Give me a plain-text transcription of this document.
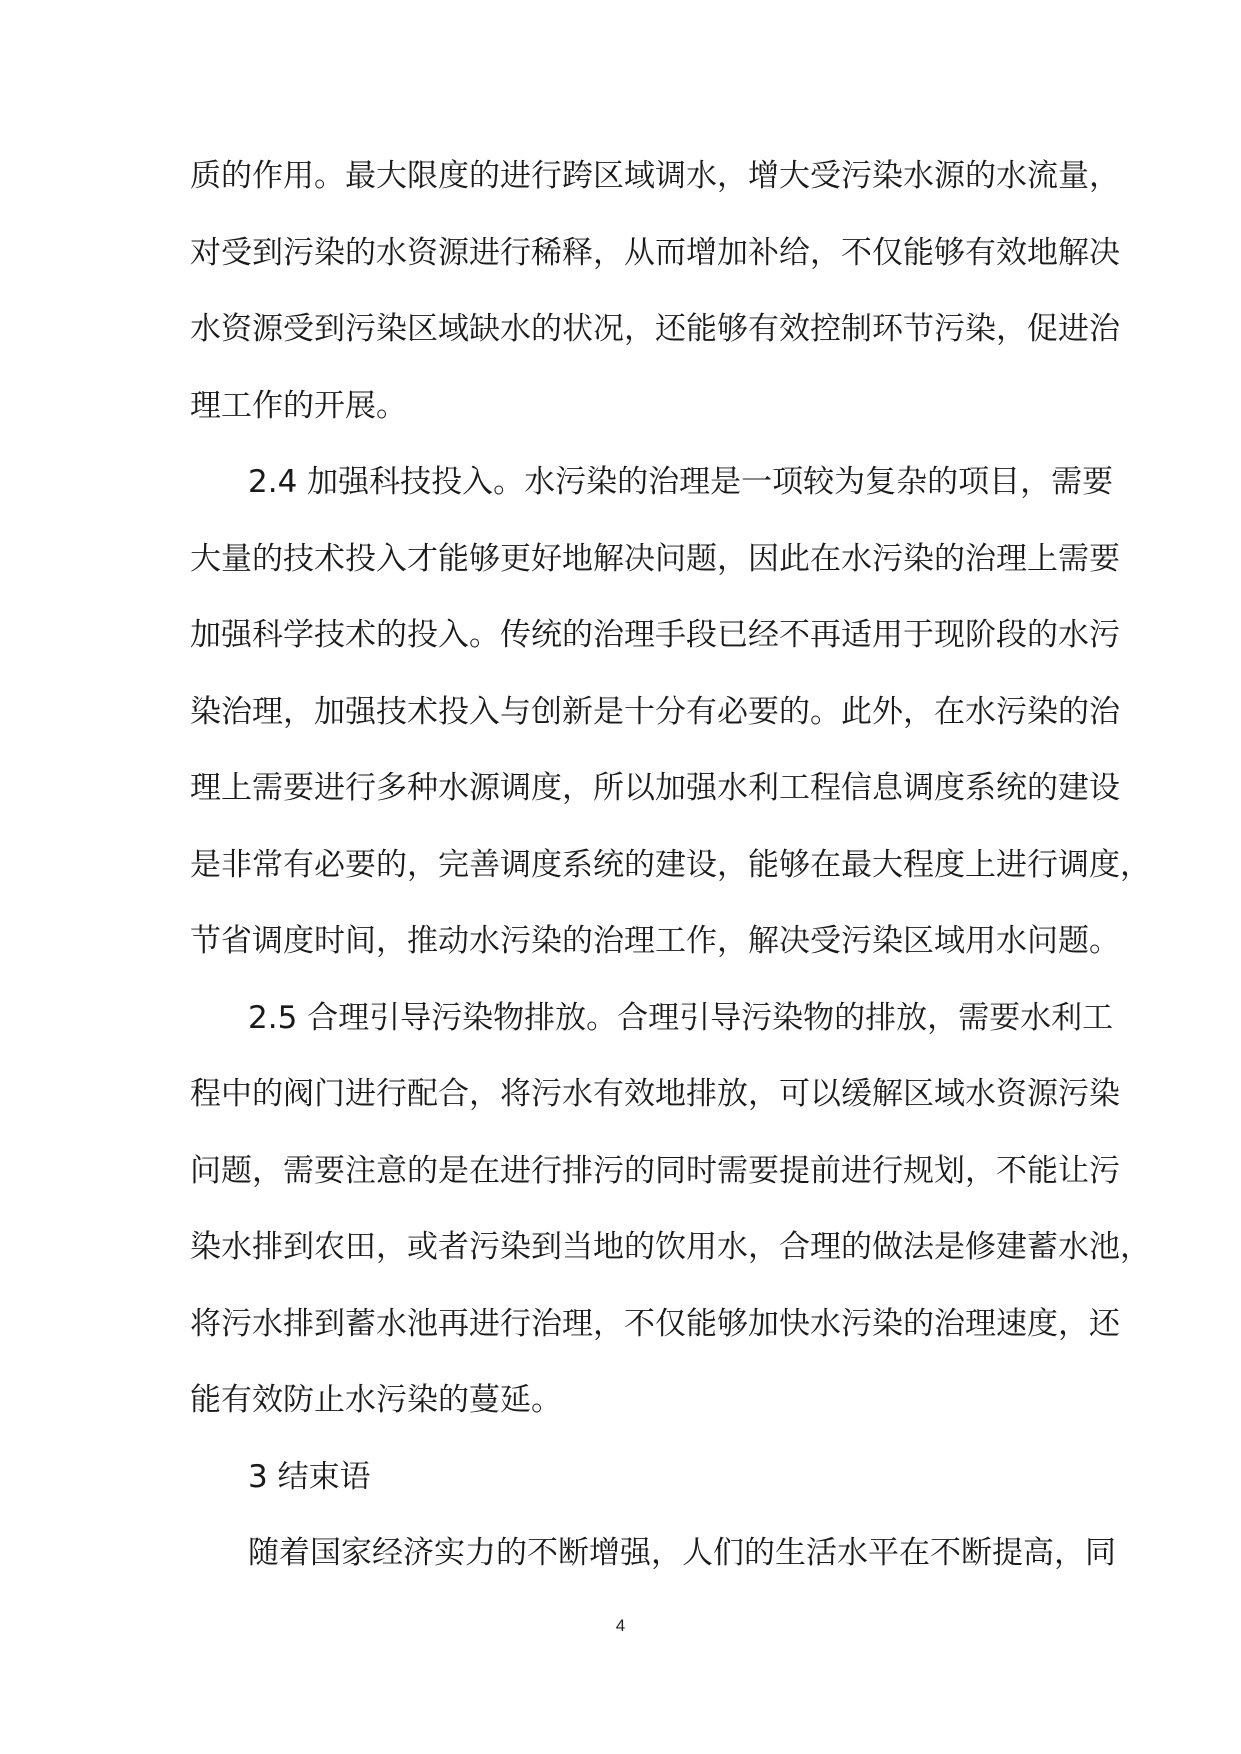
质的作用。最大限度的进行跨区域调水，增大受污染水源的水流量，
对受到污染的水资源进行稀释，从而增加补给，不仅能够有效地解决
水资源受到污染区域缺水的状况，还能够有效控制环节污染，促进治
理工作的开展。
2.4 加强科技投入。水污染的治理是一项较为复杂的项目，需要
大量的技术投入才能够更好地解决问题，因此在水污染的治理上需要
加强科学技术的投入。传统的治理手段已经不再适用于现阶段的水污
染治理，加强技术投入与创新是十分有必要的。此外，在水污染的治
理上需要进行多种水源调度，所以加强水利工程信息调度系统的建设
是非常有必要的，完善调度系统的建设，能够在最大程度上进行调度，
节省调度时间，推动水污染的治理工作，解决受污染区域用水问题。
2.5 合理引导污染物排放。合理引导污染物的排放，需要水利工
程中的阀门进行配合，将污水有效地排放，可以缓解区域水资源污染
问题，需要注意的是在进行排污的同时需要提前进行规划，不能让污
染水排到农田，或者污染到当地的饮用水，合理的做法是修建蓄水池，
将污水排到蓄水池再进行治理，不仅能够加快水污染的治理速度，还
能有效防止水污染的蔓延。
3 结束语
随着国家经济实力的不断增强，人们的生活水平在不断提高，同
4
